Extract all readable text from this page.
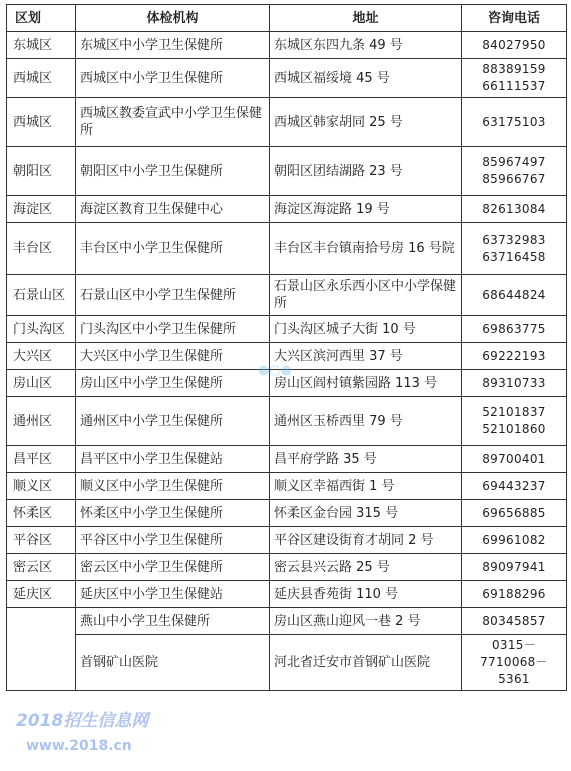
区划	体检机构	地址	咨询电话
东城区	东城区中小学卫生保健所	东城区东四九条 49 号	84027950

西城区	西城区中小学卫生保健所	西城区福绥境 45 号	88389159
66111537

西城区	西城区教委宣武中小学卫生保健所	西城区韩家胡同 25 号	63175103

朝阳区	朝阳区中小学卫生保健所	朝阳区团结湖路 23 号	85967497
85966767

海淀区	海淀区教育卫生保健中心	海淀区海淀路 19 号	82613084

丰台区	丰台区中小学卫生保健所	丰台区丰台镇南拾号房 16 号院	63732983
63716458

石景山区	石景山区中小学卫生保健所	石景山区永乐西小区中小学保健所	68644824

门头沟区	门头沟区中小学卫生保健所	门头沟区城子大街 10 号	69863775

大兴区	大兴区中小学卫生保健所	大兴区滨河西里 37 号	69222193

房山区	房山区中小学卫生保健所	房山区阎村镇紫园路 113 号	89310733

通州区	通州区中小学卫生保健所	通州区玉桥西里 79 号	52101837
52101860

昌平区	昌平区中小学卫生保健站	昌平府学路 35 号	89700401

顺义区	顺义区中小学卫生保健所	顺义区幸福西街 1 号	69443237

怀柔区	怀柔区中小学卫生保健所	怀柔区金台园 315 号	69656885

平谷区	平谷区中小学卫生保健所	平谷区建设街育才胡同 2 号	69961082

密云区	密云区中小学卫生保健所	密云县兴云路 25 号	89097941

延庆区	延庆区中小学卫生保健站	延庆县香苑街 110 号	69188296

	燕山中小学卫生保健所	房山区燕山迎风一巷 2 号	80345857

	首钢矿山医院	河北省迁安市首钢矿山医院	0315－
7710068－5361
●○●
2018招生信息网
www.2018.cn
